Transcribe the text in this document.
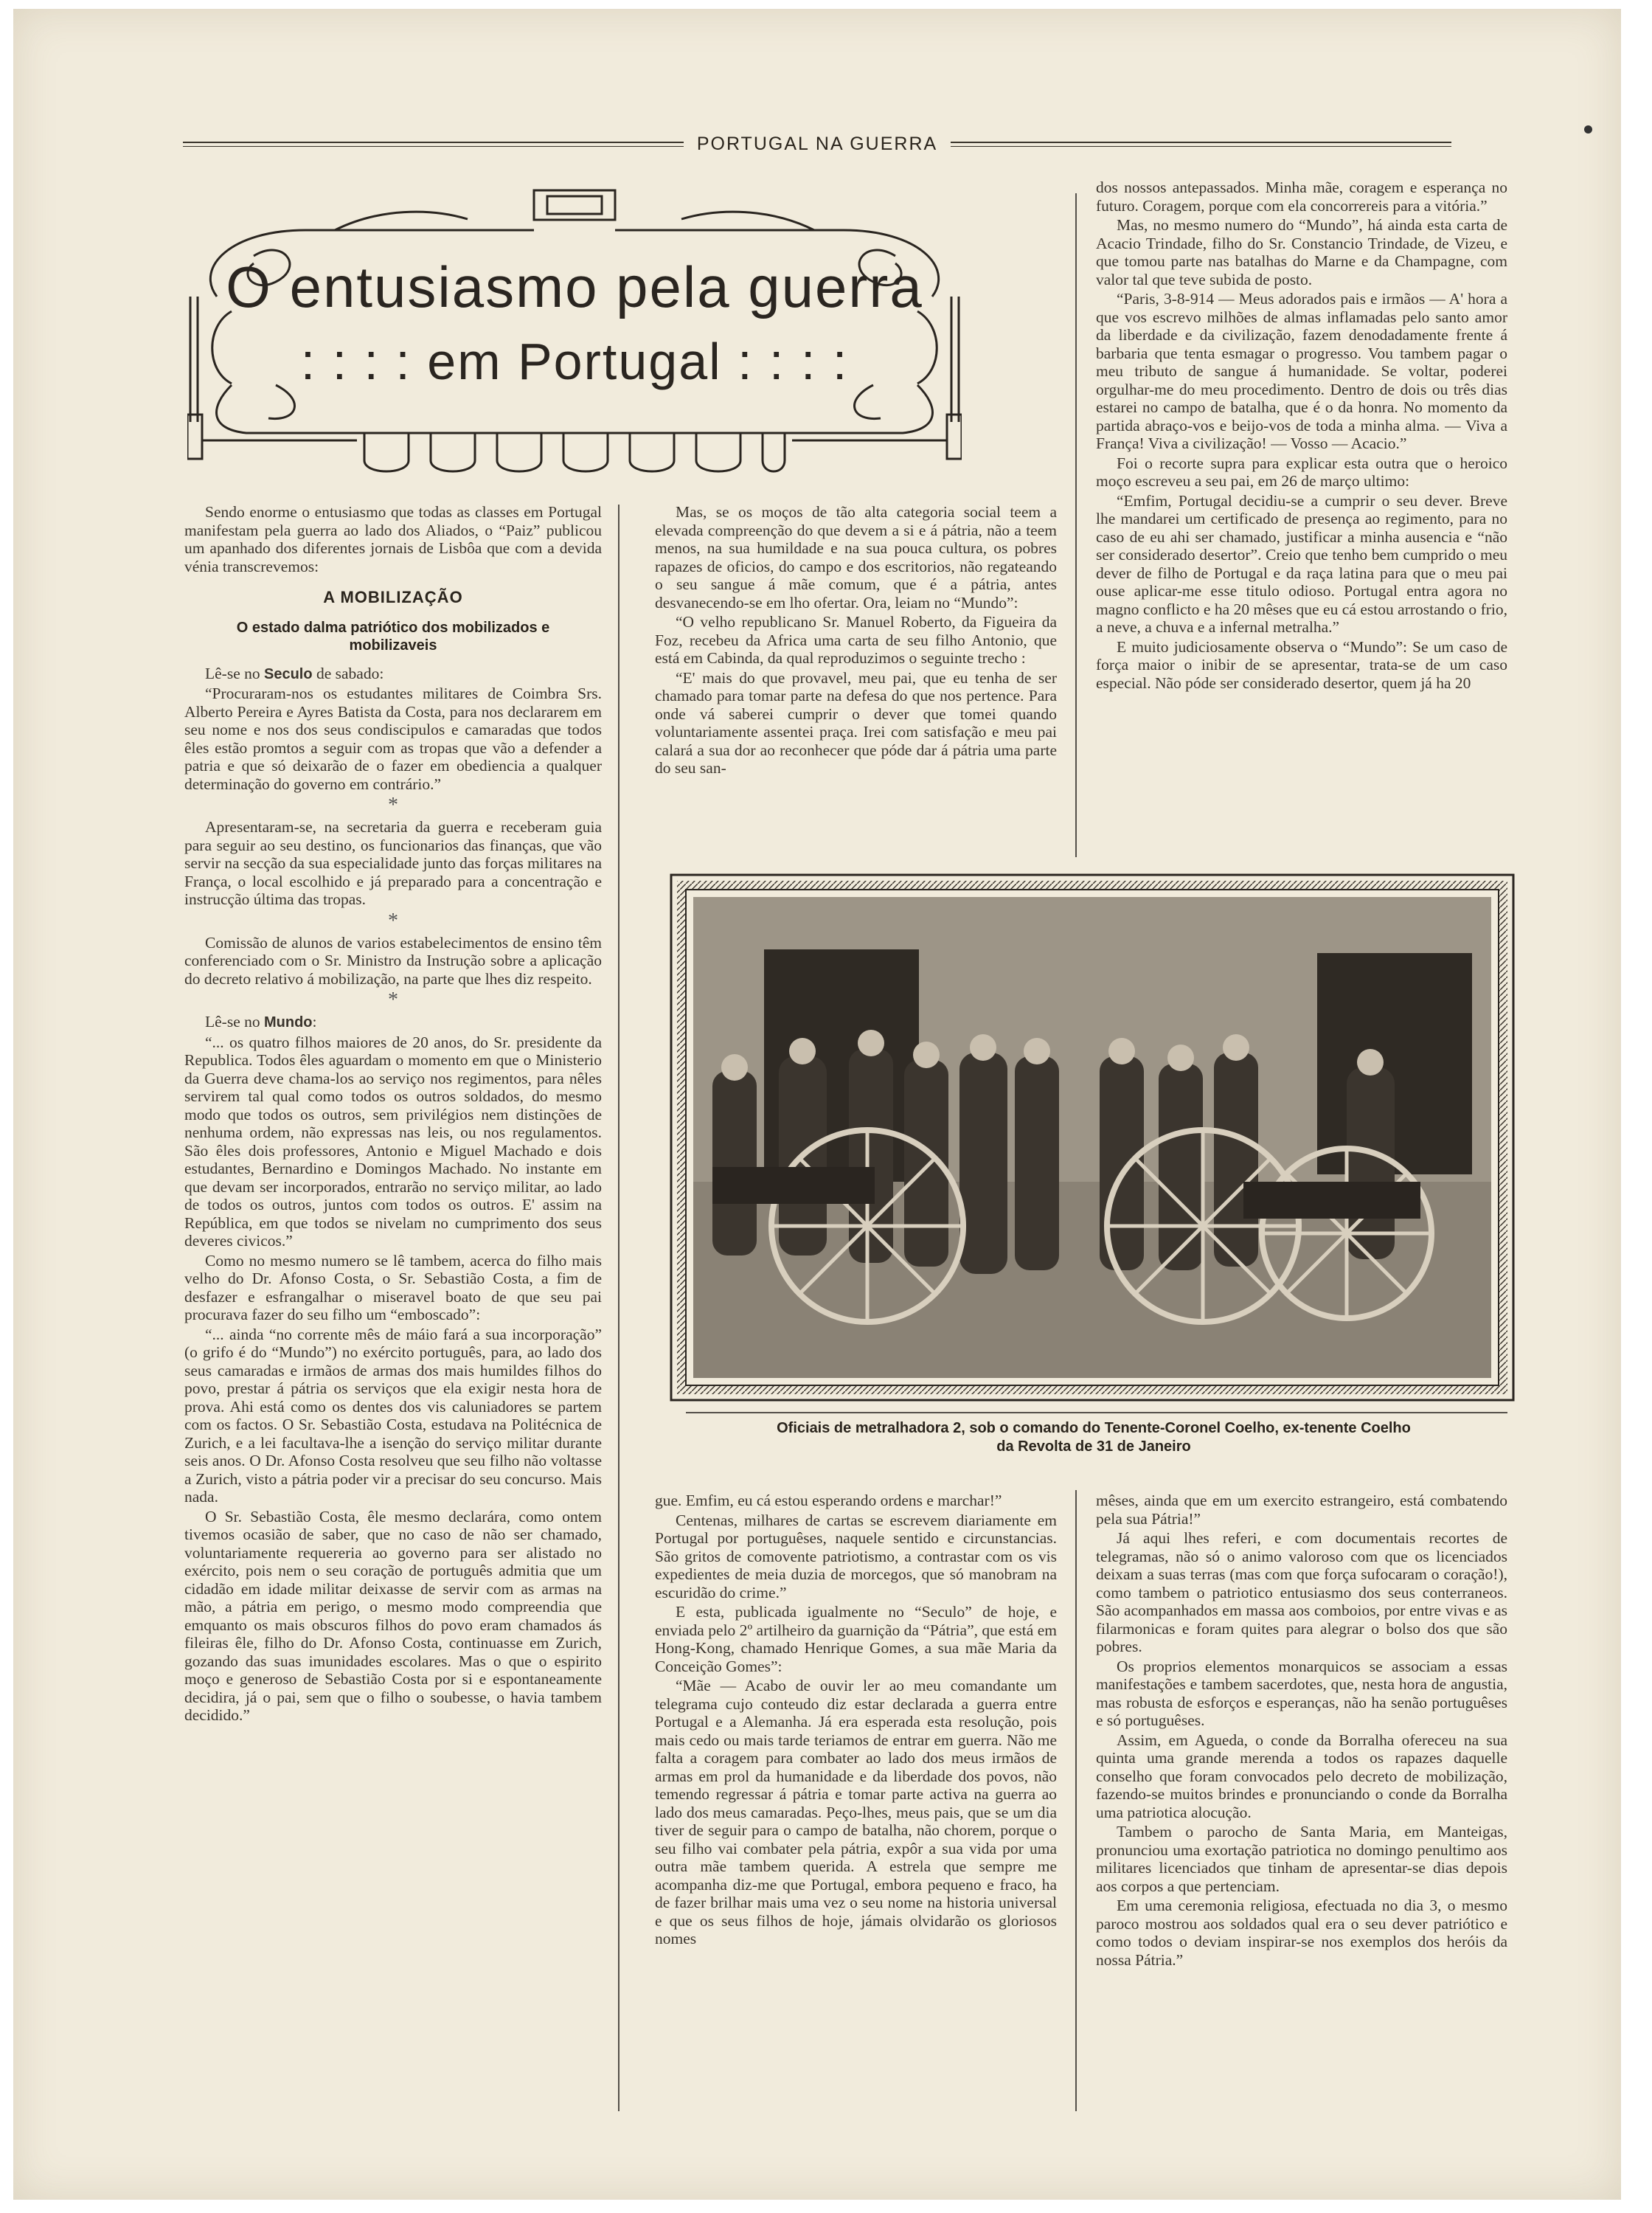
PORTUGAL NA GUERRA
O entusiasmo pela guerra
: : : : em Portugal : : : :

Sendo enorme o entusiasmo que todas as classes em Portugal manifestam pela guerra ao lado dos Aliados, o “Paiz” publicou um apanhado dos diferentes jornais de Lisbôa que com a devida vénia transcrevemos:

A MOBILIZAÇÃO
O estado dalma patriótico dos mobilizados e mobilizaveis

Lê-se no Seculo de sabado:

“Procuraram-nos os estudantes militares de Coimbra Srs. Alberto Pereira e Ayres Batista da Costa, para nos declararem em seu nome e nos dos seus condiscipulos e camaradas que todos êles estão promtos a seguir com as tropas que vão a defender a patria e que só deixarão de o fazer em obediencia a qualquer determinação do governo em contrário.”

*

Apresentaram-se, na secretaria da guerra e receberam guia para seguir ao seu destino, os funcionarios das finanças, que vão servir na secção da sua especialidade junto das forças militares na França, o local escolhido e já preparado para a concentração e instrucção última das tropas.

*

Comissão de alunos de varios estabelecimentos de ensino têm conferenciado com o Sr. Ministro da Instrução sobre a aplicação do decreto relativo á mobilização, na parte que lhes diz respeito.

*

Lê-se no Mundo:

“... os quatro filhos maiores de 20 anos, do Sr. presidente da Republica. Todos êles aguardam o momento em que o Ministerio da Guerra deve chama-los ao serviço nos regimentos, para nêles servirem tal qual como todos os outros soldados, do mesmo modo que todos os outros, sem privilégios nem distinções de nenhuma ordem, não expressas nas leis, ou nos regulamentos. São êles dois professores, Antonio e Miguel Machado e dois estudantes, Bernardino e Domingos Machado. No instante em que devam ser incorporados, entrarão no serviço militar, ao lado de todos os outros, juntos com todos os outros. E' assim na República, em que todos se nivelam no cumprimento dos seus deveres civicos.”

Como no mesmo numero se lê tambem, acerca do filho mais velho do Dr. Afonso Costa, o Sr. Sebastião Costa, a fim de desfazer e esfrangalhar o miseravel boato de que seu pai procurava fazer do seu filho um “emboscado”:

“... ainda “no corrente mês de máio fará a sua incorporação” (o grifo é do “Mundo”) no exército português, para, ao lado dos seus camaradas e irmãos de armas dos mais humildes filhos do povo, prestar á pátria os serviços que ela exigir nesta hora de prova. Ahi está como os dentes dos vis caluniadores se partem com os factos. O Sr. Sebastião Costa, estudava na Politécnica de Zurich, e a lei facultava-lhe a isenção do serviço militar durante seis anos. O Dr. Afonso Costa resolveu que seu filho não voltasse a Zurich, visto a pátria poder vir a precisar do seu concurso. Mais nada.

O Sr. Sebastião Costa, êle mesmo declarára, como ontem tivemos ocasião de saber, que no caso de não ser chamado, voluntariamente requereria ao governo para ser alistado no exército, pois nem o seu coração de português admitia que um cidadão em idade militar deixasse de servir com as armas na mão, a pátria em perigo, o mesmo modo compreendia que emquanto os mais obscuros filhos do povo eram chamados ás fileiras êle, filho do Dr. Afonso Costa, continuasse em Zurich, gozando das suas imunidades escolares. Mas o que o espirito moço e generoso de Sebastião Costa por si e espontaneamente decidira, já o pai, sem que o filho o soubesse, o havia tambem decidido.”

Mas, se os moços de tão alta categoria social teem a elevada compreenção do que devem a si e á pátria, não a teem menos, na sua humildade e na sua pouca cultura, os pobres rapazes de oficios, do campo e dos escritorios, não regateando o seu sangue á mãe comum, que é a pátria, antes desvanecendo-se em lho ofertar. Ora, leiam no “Mundo”:

“O velho republicano Sr. Manuel Roberto, da Figueira da Foz, recebeu da Africa uma carta de seu filho Antonio, que está em Cabinda, da qual reproduzimos o seguinte trecho :

“E' mais do que provavel, meu pai, que eu tenha de ser chamado para tomar parte na defesa do que nos pertence. Para onde vá saberei cumprir o dever que tomei quando voluntariamente assentei praça. Irei com satisfação e meu pai calará a sua dor ao reconhecer que póde dar á pátria uma parte do seu san-

dos nossos antepassados. Minha mãe, coragem e esperança no futuro. Coragem, porque com ela concorrereis para a vitória.”

Mas, no mesmo numero do “Mundo”, há ainda esta carta de Acacio Trindade, filho do Sr. Constancio Trindade, de Vizeu, e que tomou parte nas batalhas do Marne e da Champagne, com valor tal que teve subida de posto.

“Paris, 3-8-914 — Meus adorados pais e irmãos — A' hora a que vos escrevo milhões de almas inflamadas pelo santo amor da liberdade e da civilização, fazem denodadamente frente á barbaria que tenta esmagar o progresso. Vou tambem pagar o meu tributo de sangue á humanidade. Se voltar, poderei orgulhar-me do meu procedimento. Dentro de dois ou três dias estarei no campo de batalha, que é o da honra. No momento da partida abraço-vos e beijo-vos de toda a minha alma. — Viva a França! Viva a civilização! — Vosso — Acacio.”

Foi o recorte supra para explicar esta outra que o heroico moço escreveu a seu pai, em 26 de março ultimo:

“Emfim, Portugal decidiu-se a cumprir o seu dever. Breve lhe mandarei um certificado de presença ao regimento, para no caso de eu ahi ser chamado, justificar a minha ausencia e “não ser considerado desertor”. Creio que tenho bem cumprido o meu dever de filho de Portugal e da raça latina para que o meu pai ouse aplicar-me esse titulo odioso. Portugal entra agora no magno conflicto e ha 20 mêses que eu cá estou arrostando o frio, a neve, a chuva e a infernal metralha.”

E muito judiciosamente observa o “Mundo”: Se um caso de força maior o inibir de se apresentar, trata-se de um caso especial. Não póde ser considerado desertor, quem já ha 20

Oficiais de metralhadora 2, sob o comando do Tenente-Coronel Coelho, ex-tenente Coelho
da Revolta de 31 de Janeiro

gue. Emfim, eu cá estou esperando ordens e marchar!”

Centenas, milhares de cartas se escrevem diariamente em Portugal por portuguêses, naquele sentido e circunstancias. São gritos de comovente patriotismo, a contrastar com os vis expedientes de meia duzia de morcegos, que só manobram na escuridão do crime.”

E esta, publicada igualmente no “Seculo” de hoje, e enviada pelo 2º artilheiro da guarnição da “Pátria”, que está em Hong-Kong, chamado Henrique Gomes, a sua mãe Maria da Conceição Gomes”:

“Mãe — Acabo de ouvir ler ao meu comandante um telegrama cujo conteudo diz estar declarada a guerra entre Portugal e a Alemanha. Já era esperada esta resolução, pois mais cedo ou mais tarde teriamos de entrar em guerra. Não me falta a coragem para combater ao lado dos meus irmãos de armas em prol da humanidade e da liberdade dos povos, não temendo regressar á pátria e tomar parte activa na guerra ao lado dos meus camaradas. Peço-lhes, meus pais, que se um dia tiver de seguir para o campo de batalha, não chorem, porque o seu filho vai combater pela pátria, expôr a sua vida por uma outra mãe tambem querida. A estrela que sempre me acompanha diz-me que Portugal, embora pequeno e fraco, ha de fazer brilhar mais uma vez o seu nome na historia universal e que os seus filhos de hoje, jámais olvidarão os gloriosos nomes

mêses, ainda que em um exercito estrangeiro, está combatendo pela sua Pátria!”

Já aqui lhes referi, e com documentais recortes de telegramas, não só o animo valoroso com que os licenciados deixam a suas terras (mas com que força sufocaram o coração!), como tambem o patriotico entusiasmo dos seus conterraneos. São acompanhados em massa aos comboios, por entre vivas e as filarmonicas e foram quites para alegrar o bolso dos que são pobres.

Os proprios elementos monarquicos se associam a essas manifestações e tambem sacerdotes, que, nesta hora de angustia, mas robusta de esforços e esperanças, não ha senão portuguêses e só portuguêses.

Assim, em Agueda, o conde da Borralha ofereceu na sua quinta uma grande merenda a todos os rapazes daquelle conselho que foram convocados pelo decreto de mobilização, fazendo-se muitos brindes e pronunciando o conde da Borralha uma patriotica alocução.

Tambem o parocho de Santa Maria, em Manteigas, pronunciou uma exortação patriotica no domingo penultimo aos militares licenciados que tinham de apresentar-se dias depois aos corpos a que pertenciam.

Em uma ceremonia religiosa, efectuada no dia 3, o mesmo paroco mostrou aos soldados qual era o seu dever patriótico e como todos o deviam inspirar-se nos exemplos dos heróis da nossa Pátria.”
